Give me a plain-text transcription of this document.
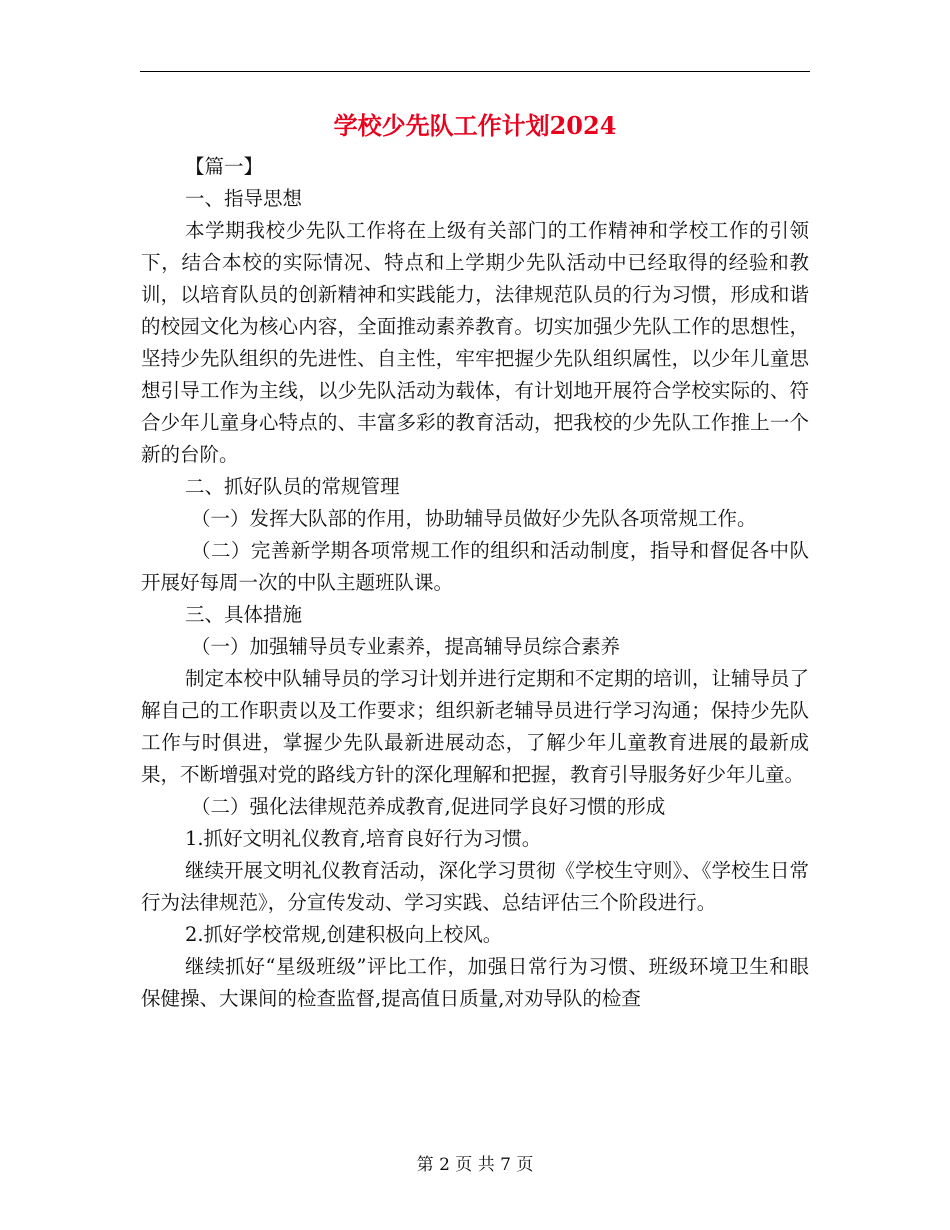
学校少先队工作计划2024

【篇一】

一、指导思想

本学期我校少先队工作将在上级有关部门的工作精神和学校工作的引领下，结合本校的实际情况、特点和上学期少先队活动中已经取得的经验和教训，以培育队员的创新精神和实践能力，法律规范队员的行为习惯，形成和谐的校园文化为核心内容，全面推动素养教育。切实加强少先队工作的思想性，坚持少先队组织的先进性、自主性，牢牢把握少先队组织属性，以少年儿童思想引导工作为主线，以少先队活动为载体，有计划地开展符合学校实际的、符合少年儿童身心特点的、丰富多彩的教育活动，把我校的少先队工作推上一个新的台阶。

二、抓好队员的常规管理

（一）发挥大队部的作用，协助辅导员做好少先队各项常规工作。

（二）完善新学期各项常规工作的组织和活动制度，指导和督促各中队开展好每周一次的中队主题班队课。

三、具体措施

（一）加强辅导员专业素养，提高辅导员综合素养

制定本校中队辅导员的学习计划并进行定期和不定期的培训，让辅导员了解自己的工作职责以及工作要求；组织新老辅导员进行学习沟通；保持少先队工作与时俱进，掌握少先队最新进展动态，了解少年儿童教育进展的最新成果，不断增强对党的路线方针的深化理解和把握，教育引导服务好少年儿童。

（二）强化法律规范养成教育,促进同学良好习惯的形成

1.抓好文明礼仪教育,培育良好行为习惯。

继续开展文明礼仪教育活动，深化学习贯彻《学校生守则》、《学校生日常行为法律规范》，分宣传发动、学习实践、总结评估三个阶段进行。

2.抓好学校常规,创建积极向上校风。

继续抓好“星级班级”评比工作，加强日常行为习惯、班级环境卫生和眼保健操、大课间的检查监督,提高值日质量,对劝导队的检查

第 2 页 共 7 页
